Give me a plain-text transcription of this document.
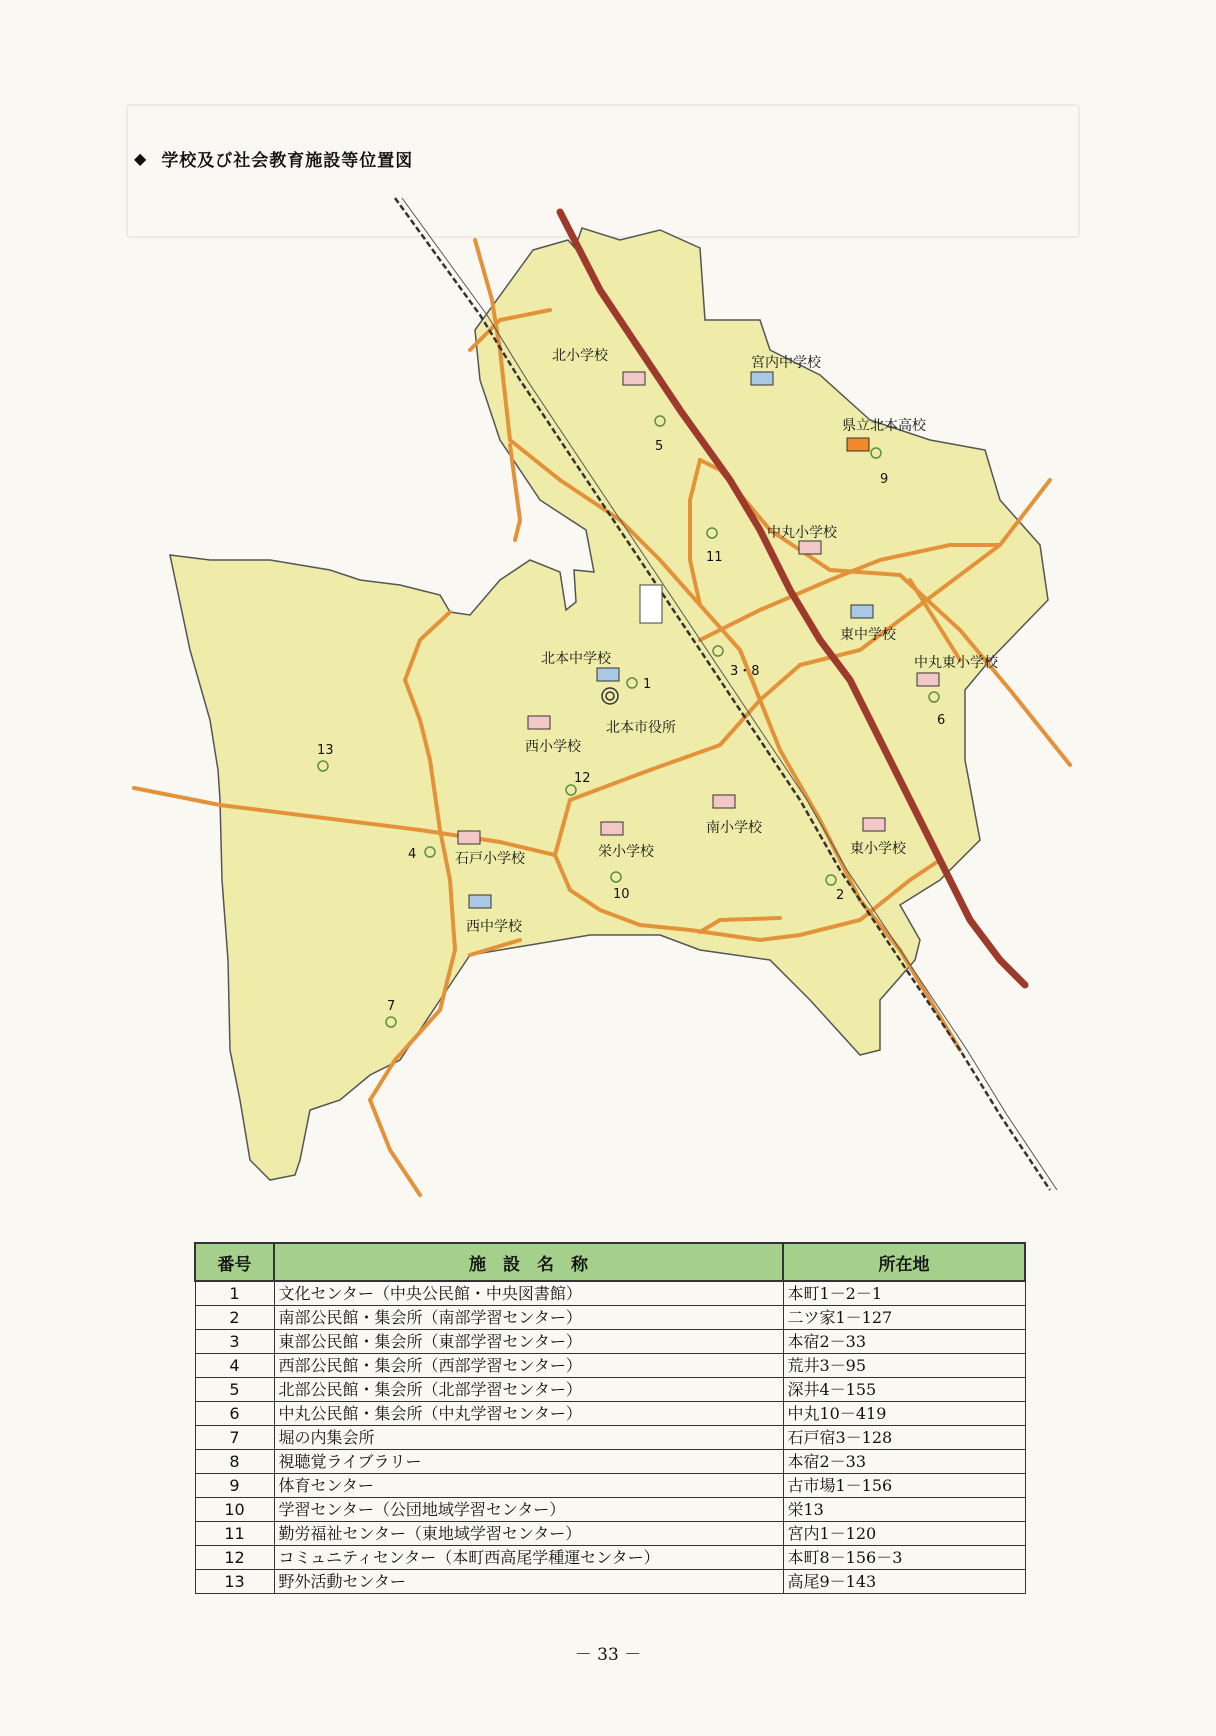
◆ 学校及び社会教育施設等位置図
北小学校	宮内中学校
県立北本高校
中丸小学校
東中学校
中丸東小学校
北本中学校
西小学校
南小学校
東小学校
栄小学校
石戸小学校
西中学校
北本市役所
1
2
3・8
4
5
6
7
9
10
11
12
13
番号	施　設　名　称	所在地
1	文化センター（中央公民館・中央図書館）	本町1－2－1
2	南部公民館・集会所（南部学習センター）	二ツ家1－127
3	東部公民館・集会所（東部学習センター）	本宿2－33
4	西部公民館・集会所（西部学習センター）	荒井3－95
5	北部公民館・集会所（北部学習センター）	深井4－155
6	中丸公民館・集会所（中丸学習センター）	中丸10－419
7	堀の内集会所	石戸宿3－128
8	視聴覚ライブラリー	本宿2－33
9	体育センター	古市場1－156
10	学習センター（公団地域学習センター）	栄13
11	勤労福祉センター（東地域学習センター）	宮内1－120
12	コミュニティセンター（本町西高尾学種運センター）	本町8－156－3
13	野外活動センター	高尾9－143
－ 33 －
